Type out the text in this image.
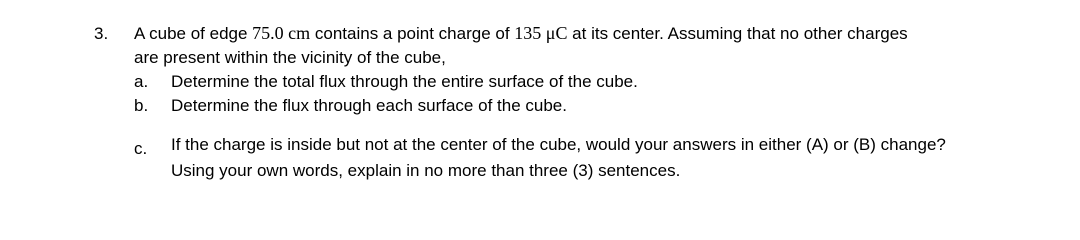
3. A cube of edge 75.0 cm contains a point charge of 135 μC at its center. Assuming that no other charges
are present within the vicinity of the cube,
a. Determine the total flux through the entire surface of the cube.
b. Determine the flux through each surface of the cube.
c. If the charge is inside but not at the center of the cube, would your answers in either (A) or (B) change?
Using your own words, explain in no more than three (3) sentences.
